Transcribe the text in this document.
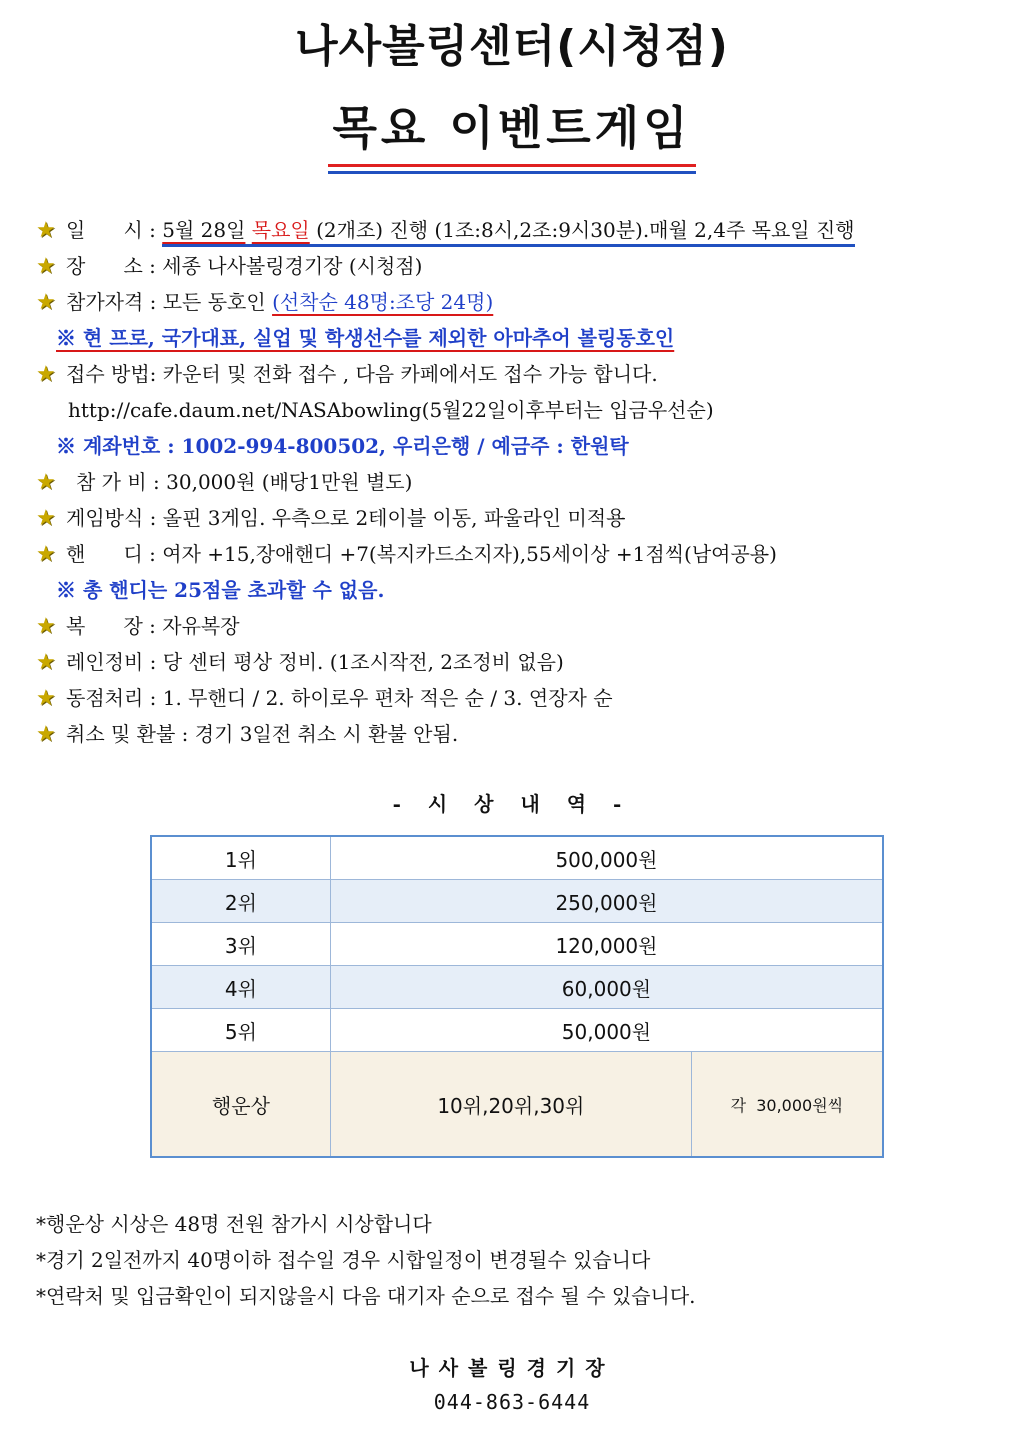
나사볼링센터(시청점)
목요 이벤트게임
★ 일      시 : 5월 28일 목요일 (2개조) 진행 (1조:8시,2조:9시30분).매월 2,4주 목요일 진행
★ 장      소 : 세종 나사볼링경기장 (시청점)
★ 참가자격 : 모든 동호인 (선착순 48명:조당 24명)
※ 현 프로, 국가대표, 실업 및 학생선수를 제외한 아마추어 볼링동호인
★ 접수 방법: 카운터 및 전화 접수 , 다음 카페에서도 접수 가능 합니다.
http://cafe.daum.net/NASAbowling(5월22일이후부터는 입금우선순)
※ 계좌번호 : 1002-994-800502, 우리은행 / 예금주 : 한원탁
★ 참 가 비 : 30,000원 (배당1만원 별도)
★ 게임방식 : 올핀 3게임. 우측으로 2테이블 이동, 파울라인 미적용
★ 핸      디 : 여자 +15,장애핸디 +7(복지카드소지자),55세이상 +1점씩(남여공용)
※ 총 핸디는 25점을 초과할 수 없음.
★ 복      장 : 자유복장
★ 레인정비 : 당 센터 평상 정비. (1조시작전, 2조정비 없음)
★ 동점처리 : 1. 무핸디 / 2. 하이로우 편차 적은 순 / 3. 연장자 순
★ 취소 및 환불 : 경기 3일전 취소 시 환불 안됨.
- 시 상 내 역 -
1위	500,000원	
2위	250,000원	
3위	120,000원	
4위	60,000원	
5위	50,000원	
행운상	10위,20위,30위	각  30,000원씩
*행운상 시상은 48명 전원 참가시 시상합니다
*경기 2일전까지 40명이하 접수일 경우 시합일정이 변경될수 있습니다
*연락처 및 입금확인이 되지않을시 다음 대기자 순으로 접수 될 수 있습니다.
나사볼링경기장
044-863-6444
